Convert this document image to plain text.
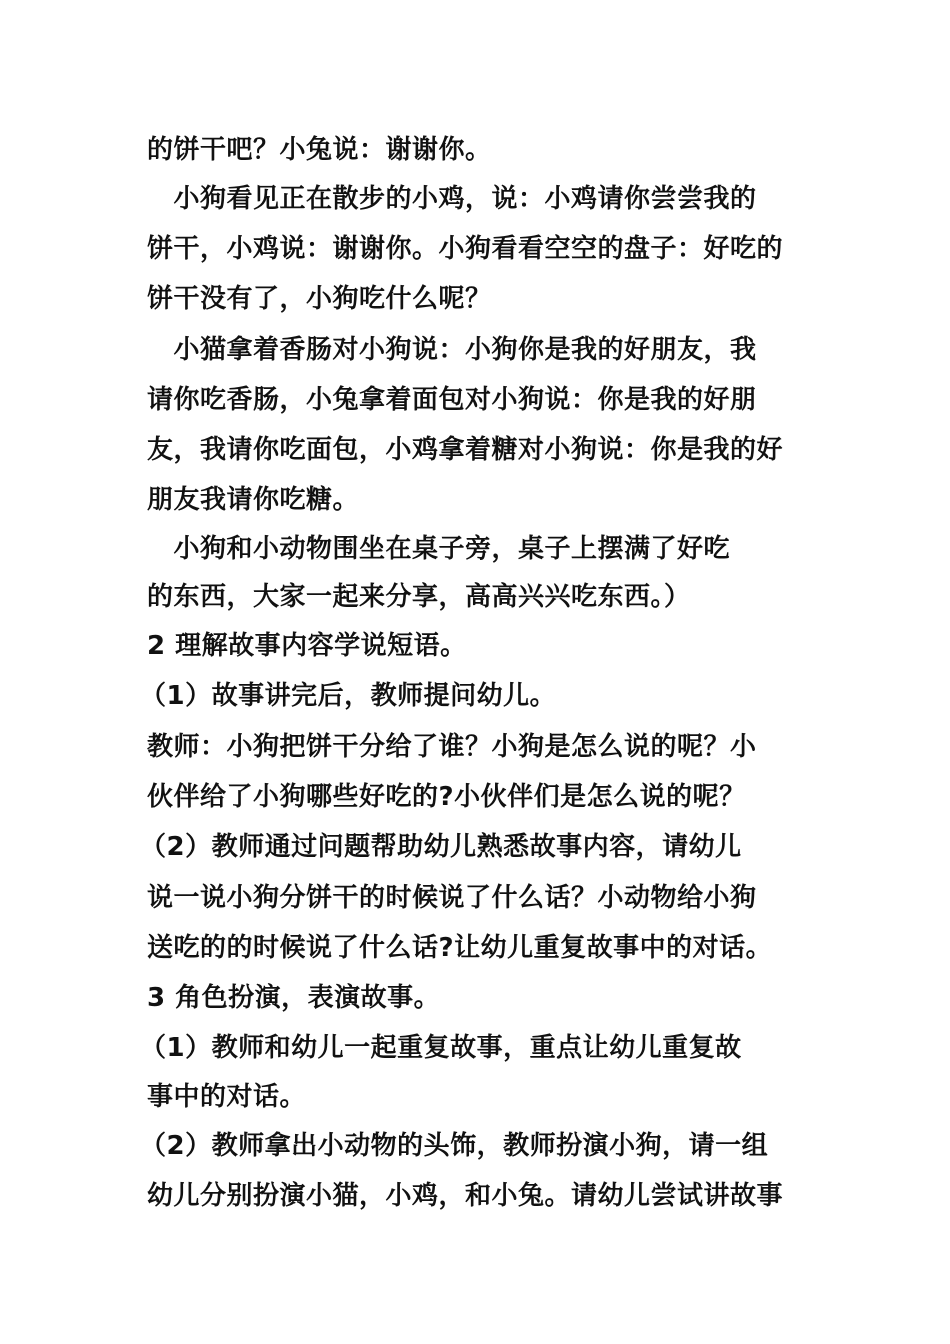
的饼干吧？小兔说：谢谢你。
　小狗看见正在散步的小鸡，说：小鸡请你尝尝我的
饼干，小鸡说：谢谢你。小狗看看空空的盘子：好吃的
饼干没有了，小狗吃什么呢？
　小猫拿着香肠对小狗说：小狗你是我的好朋友，我
请你吃香肠，小兔拿着面包对小狗说：你是我的好朋
友，我请你吃面包，小鸡拿着糖对小狗说：你是我的好
朋友我请你吃糖。
　小狗和小动物围坐在桌子旁，桌子上摆满了好吃
的东西，大家一起来分享，高高兴兴吃东西。）
2 理解故事内容学说短语。
（1）故事讲完后，教师提问幼儿。
教师：小狗把饼干分给了谁？小狗是怎么说的呢？小
伙伴给了小狗哪些好吃的?小伙伴们是怎么说的呢？
（2）教师通过问题帮助幼儿熟悉故事内容，请幼儿
说一说小狗分饼干的时候说了什么话？小动物给小狗
送吃的的时候说了什么话?让幼儿重复故事中的对话。
3 角色扮演，表演故事。
（1）教师和幼儿一起重复故事，重点让幼儿重复故
事中的对话。
（2）教师拿出小动物的头饰，教师扮演小狗，请一组
幼儿分别扮演小猫，小鸡，和小兔。请幼儿尝试讲故事
